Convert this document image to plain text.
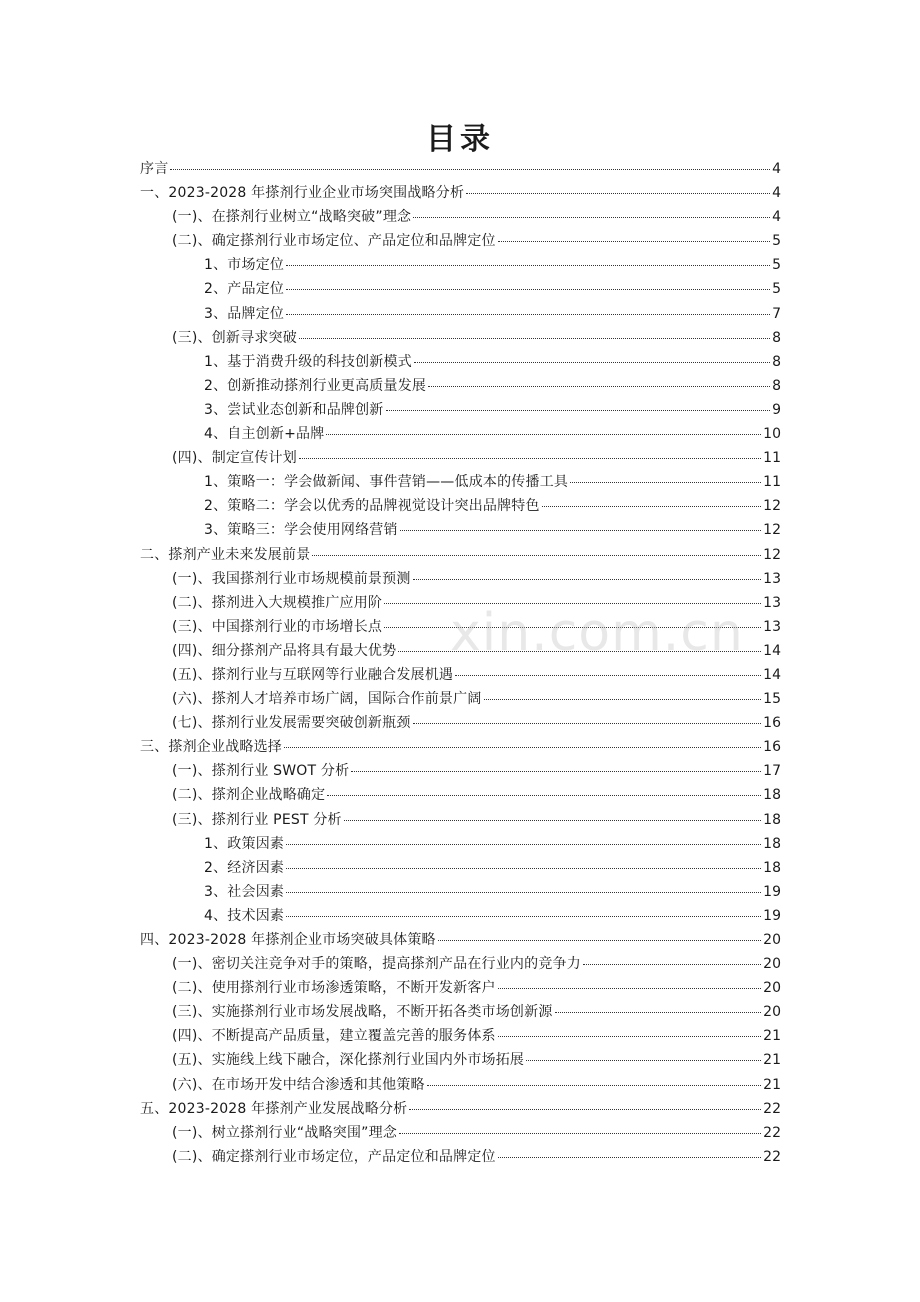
目录
序言	4
一、2023-2028 年搽剂行业企业市场突围战略分析	4
(一)、在搽剂行业树立“战略突破”理念	4
(二)、确定搽剂行业市场定位、产品定位和品牌定位	5
1、市场定位	5
2、产品定位	5
3、品牌定位	7
(三)、创新寻求突破	8
1、基于消费升级的科技创新模式	8
2、创新推动搽剂行业更高质量发展	8
3、尝试业态创新和品牌创新	9
4、自主创新+品牌	10
(四)、制定宣传计划	11
1、策略一：学会做新闻、事件营销——低成本的传播工具	11
2、策略二：学会以优秀的品牌视觉设计突出品牌特色	12
3、策略三：学会使用网络营销	12
二、搽剂产业未来发展前景	12
(一)、我国搽剂行业市场规模前景预测	13
(二)、搽剂进入大规模推广应用阶	13
(三)、中国搽剂行业的市场增长点	13
(四)、细分搽剂产品将具有最大优势	14
(五)、搽剂行业与互联网等行业融合发展机遇	14
(六)、搽剂人才培养市场广阔，国际合作前景广阔	15
(七)、搽剂行业发展需要突破创新瓶颈	16
三、搽剂企业战略选择	16
(一)、搽剂行业 SWOT 分析	17
(二)、搽剂企业战略确定	18
(三)、搽剂行业 PEST 分析	18
1、政策因素	18
2、经济因素	18
3、社会因素	19
4、技术因素	19
四、2023-2028 年搽剂企业市场突破具体策略	20
(一)、密切关注竞争对手的策略，提高搽剂产品在行业内的竞争力	20
(二)、使用搽剂行业市场渗透策略，不断开发新客户	20
(三)、实施搽剂行业市场发展战略，不断开拓各类市场创新源	20
(四)、不断提高产品质量，建立覆盖完善的服务体系	21
(五)、实施线上线下融合，深化搽剂行业国内外市场拓展	21
(六)、在市场开发中结合渗透和其他策略	21
五、2023-2028 年搽剂产业发展战略分析	22
(一)、树立搽剂行业“战略突围”理念	22
(二)、确定搽剂行业市场定位，产品定位和品牌定位	22
xin.com.cn
